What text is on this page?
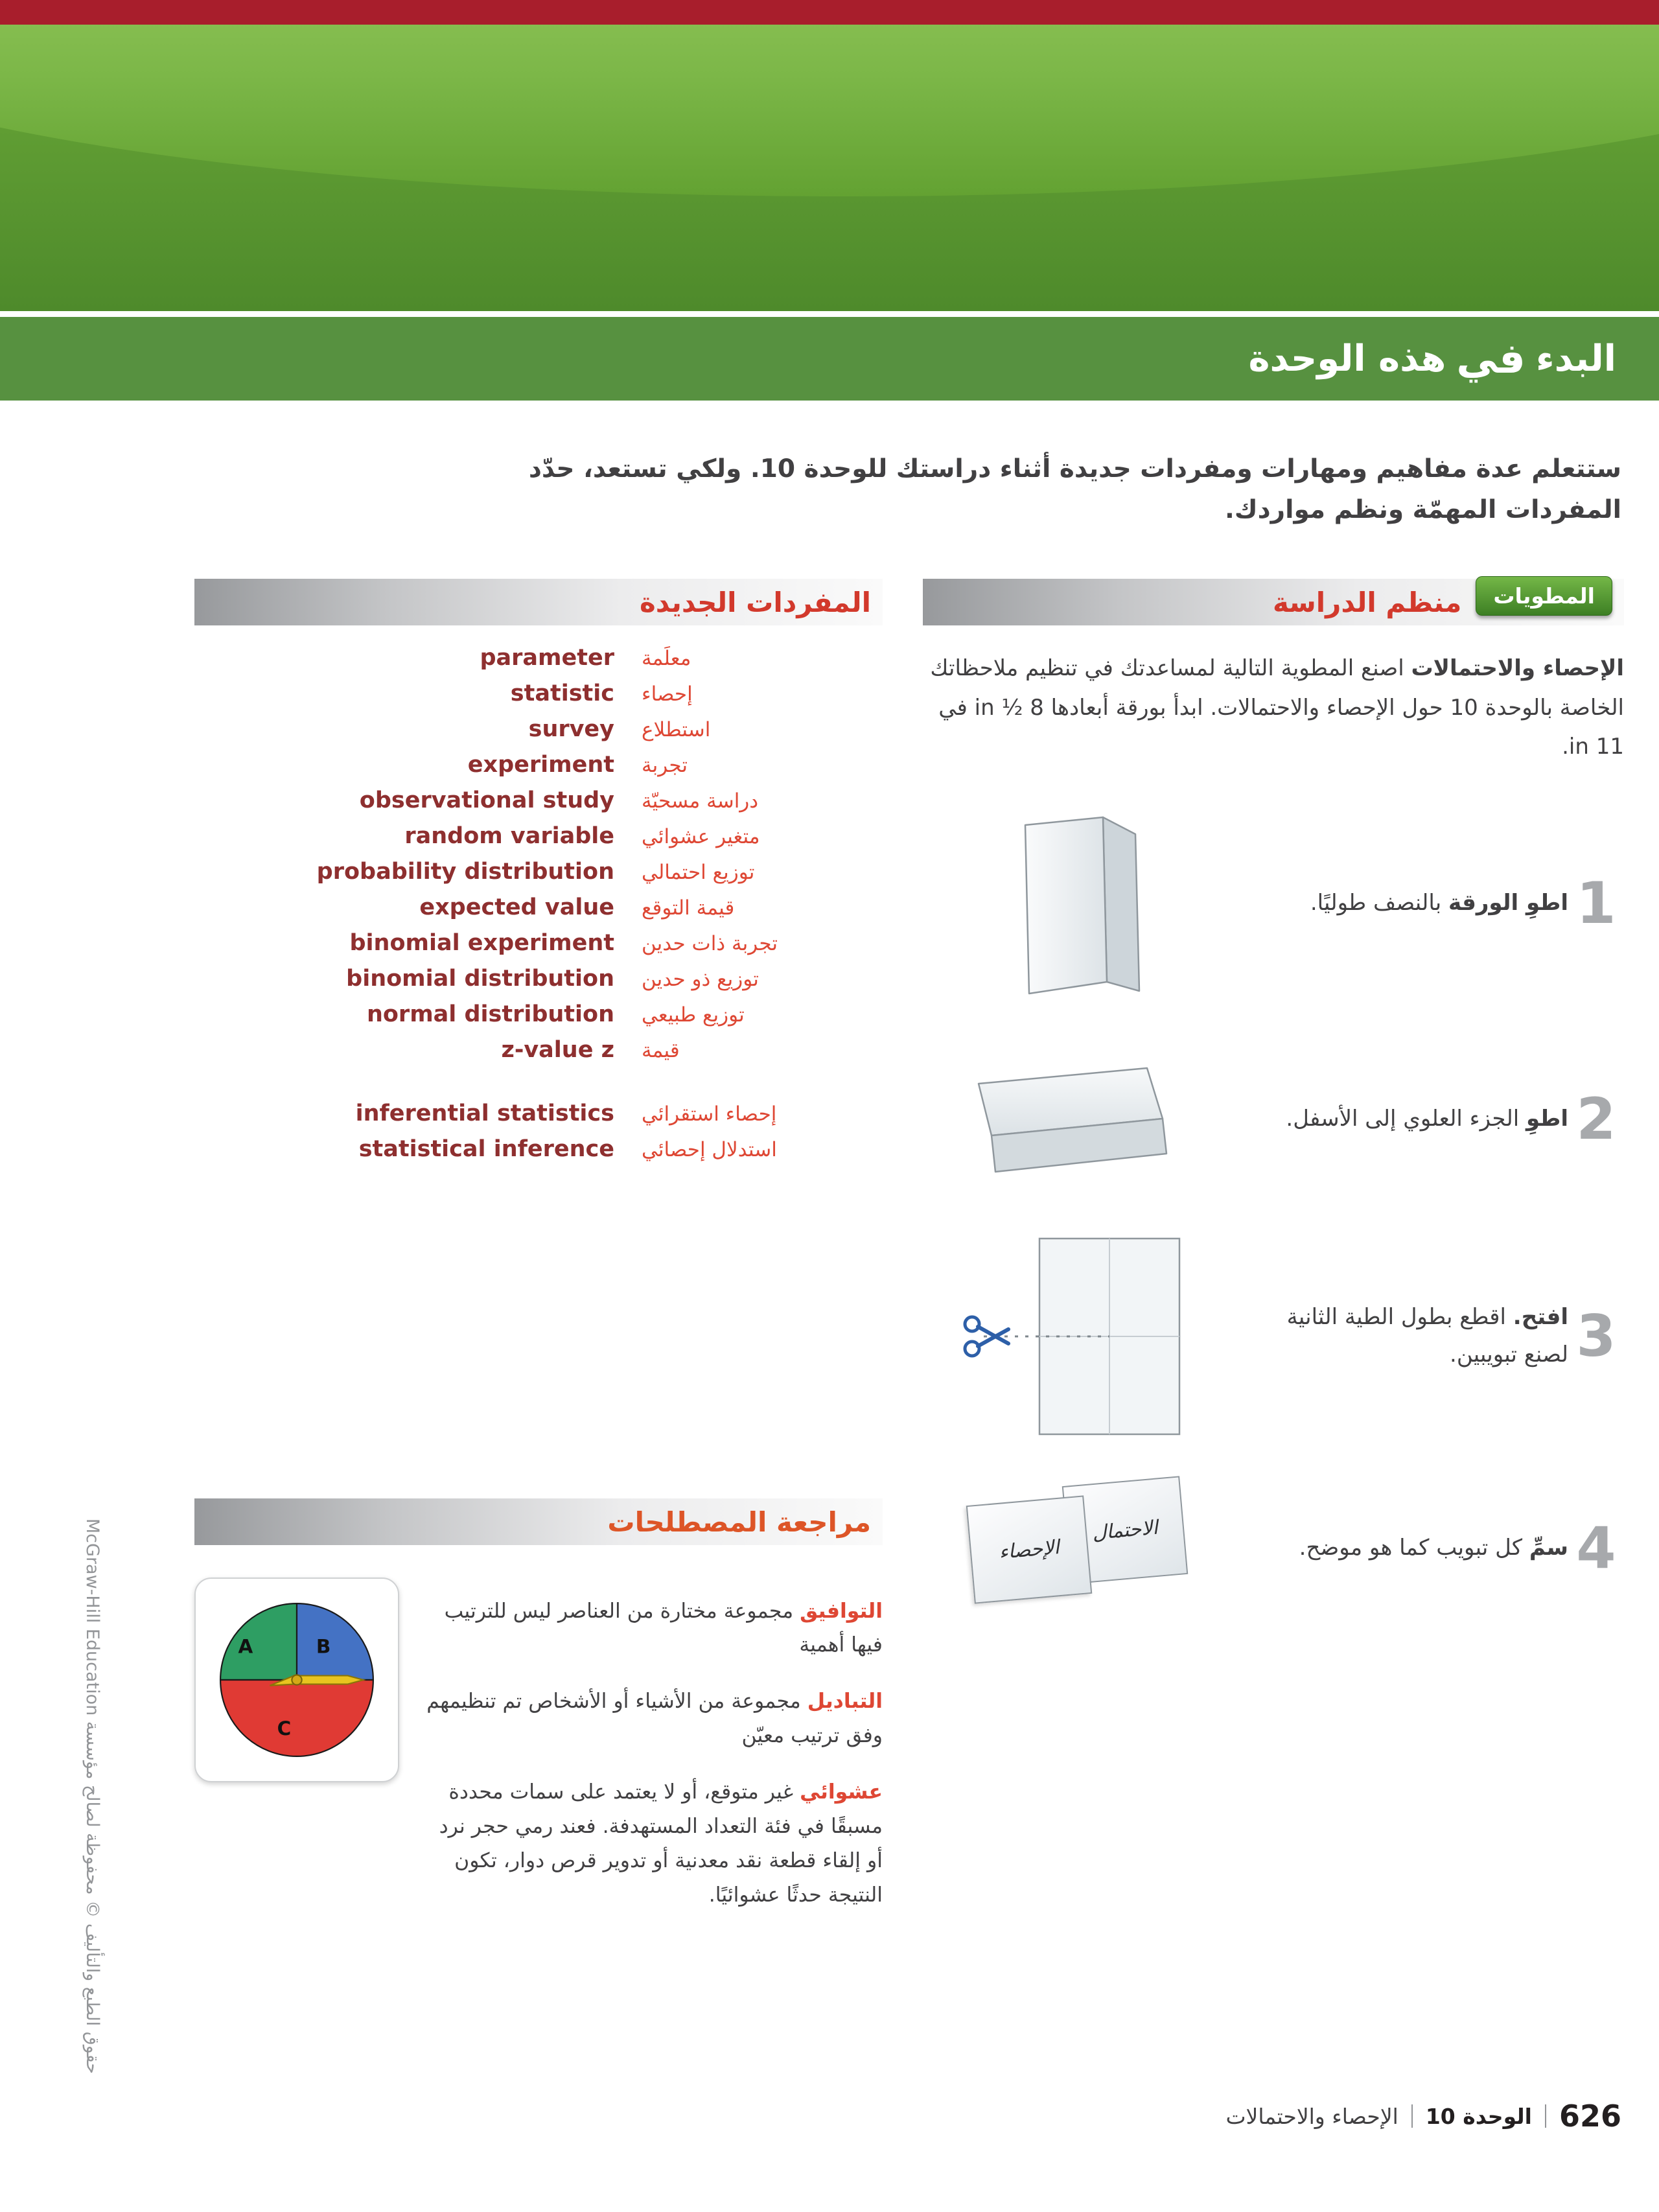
البدء
في
هذه الوحدة
ستتعلم عدة مفاهيم ومهارات ومفردات جديدة أثناء دراستك للوحدة 10. ولكي تستعد، حدّد المفردات المهمّة ونظم مواردك.
المفردات الجديدة
parameter معلَمة
statistic إحصاء
survey استطلاع
experiment تجربة
observational study دراسة مسحيّة
random variable متغير عشوائي
probability distribution توزيع احتمالي
expected value قيمة التوقع
binomial experiment تجربة ذات حدين
binomial distribution توزيع ذو حدين
normal distribution توزيع طبيعي
z-value z قيمة
inferential statistics إحصاء استقرائي
statistical inference استدلال إحصائي
المطويات
منظم الدراسة
الإحصاء والاحتمالات اصنع المطوية التالية لمساعدتك في تنظيم ملاحظاتك الخاصة بالوحدة 10 حول الإحصاء والاحتمالات. ابدأ بورقة أبعادها 8 ½ in في 11 in.
1
اطوِ الورقة بالنصف طوليًا.
2
اطوِ الجزء العلوي إلى الأسفل.
3
افتح. اقطع بطول الطية الثانية لصنع تبويبين.
4
سمِّ كل تبويب كما هو موضح.
الاحتمال
الإحصاء
مراجعة المصطلحات

التوافيق مجموعة مختارة من العناصر ليس للترتيب فيها أهمية

التباديل مجموعة من الأشياء أو الأشخاص تم تنظيمهم وفق ترتيب معيّن

عشوائي غير متوقع، أو لا يعتمد على سمات محددة مسبقًا في فئة التعداد المستهدفة. فعند رمي حجر نرد أو إلقاء قطعة نقد معدنية أو تدوير قرص دوار، تكون النتيجة حدثًا عشوائيًا.

A	B
C
حقوق الطبع والتأليف © محفوظة لصالح مؤسسة McGraw-Hill Education
626
الوحدة 10
الإحصاء والاحتمالات
